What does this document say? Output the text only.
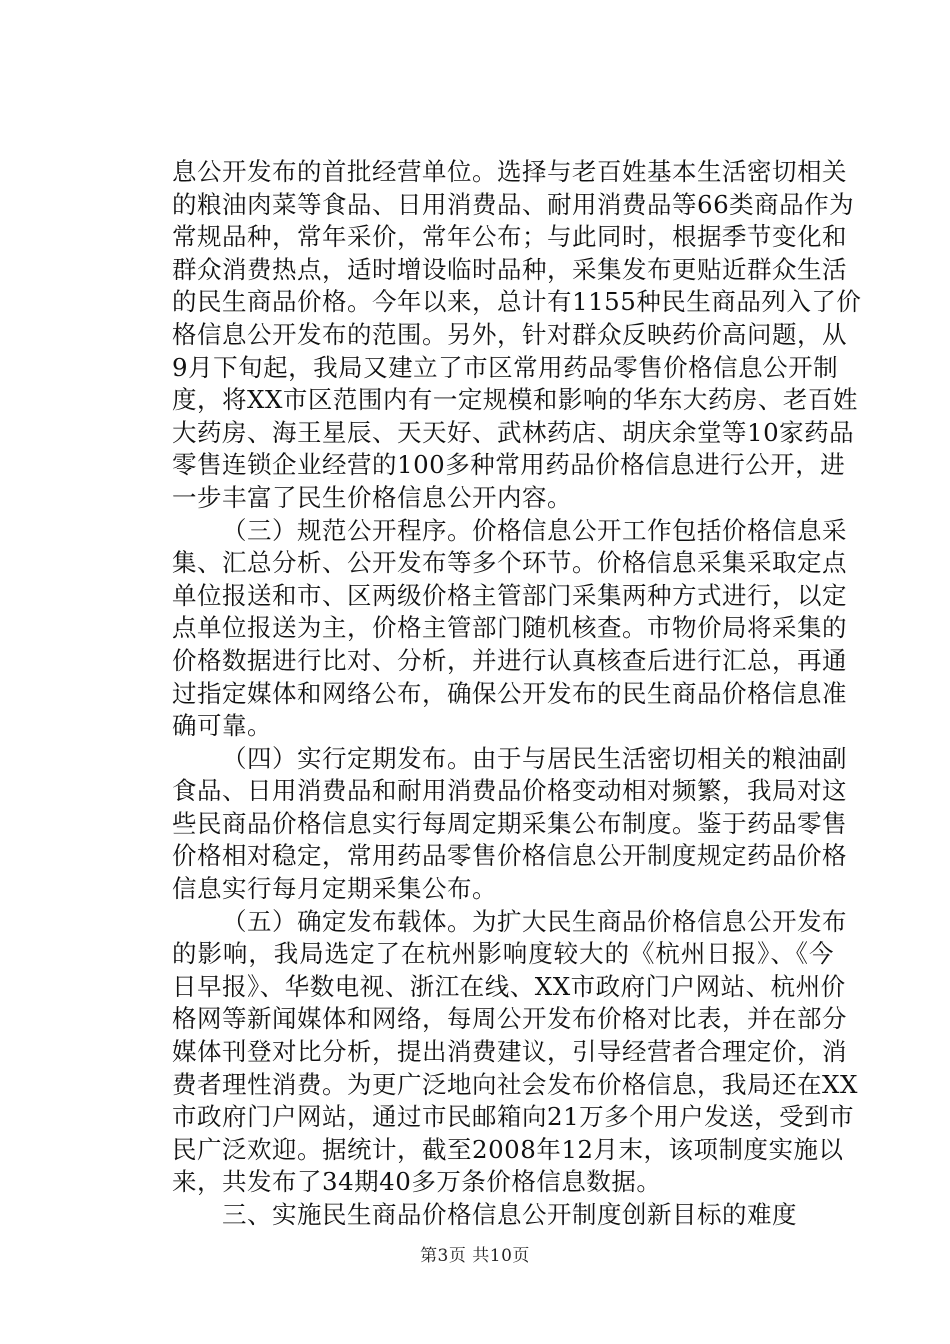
息公开发布的首批经营单位。选择与老百姓基本生活密切相关
的粮油肉菜等食品、日用消费品、耐用消费品等66类商品作为
常规品种，常年采价，常年公布；与此同时，根据季节变化和
群众消费热点，适时增设临时品种，采集发布更贴近群众生活
的民生商品价格。今年以来，总计有1155种民生商品列入了价
格信息公开发布的范围。另外，针对群众反映药价高问题，从
9月下旬起，我局又建立了市区常用药品零售价格信息公开制
度，将XX市区范围内有一定规模和影响的华东大药房、老百姓
大药房、海王星辰、天天好、武林药店、胡庆余堂等10家药品
零售连锁企业经营的100多种常用药品价格信息进行公开，进
一步丰富了民生价格信息公开内容。
（三）规范公开程序。价格信息公开工作包括价格信息采
集、汇总分析、公开发布等多个环节。价格信息采集采取定点
单位报送和市、区两级价格主管部门采集两种方式进行，以定
点单位报送为主，价格主管部门随机核查。市物价局将采集的
价格数据进行比对、分析，并进行认真核查后进行汇总，再通
过指定媒体和网络公布，确保公开发布的民生商品价格信息准
确可靠。
（四）实行定期发布。由于与居民生活密切相关的粮油副
食品、日用消费品和耐用消费品价格变动相对频繁，我局对这
些民商品价格信息实行每周定期采集公布制度。鉴于药品零售
价格相对稳定，常用药品零售价格信息公开制度规定药品价格
信息实行每月定期采集公布。
（五）确定发布载体。为扩大民生商品价格信息公开发布
的影响，我局选定了在杭州影响度较大的《杭州日报》、《今
日早报》、华数电视、浙江在线、XX市政府门户网站、杭州价
格网等新闻媒体和网络，每周公开发布价格对比表，并在部分
媒体刊登对比分析，提出消费建议，引导经营者合理定价，消
费者理性消费。为更广泛地向社会发布价格信息，我局还在XX
市政府门户网站，通过市民邮箱向21万多个用户发送，受到市
民广泛欢迎。据统计，截至2008年12月末，该项制度实施以
来，共发布了34期40多万条价格信息数据。
三、实施民生商品价格信息公开制度创新目标的难度
第3页 共10页
